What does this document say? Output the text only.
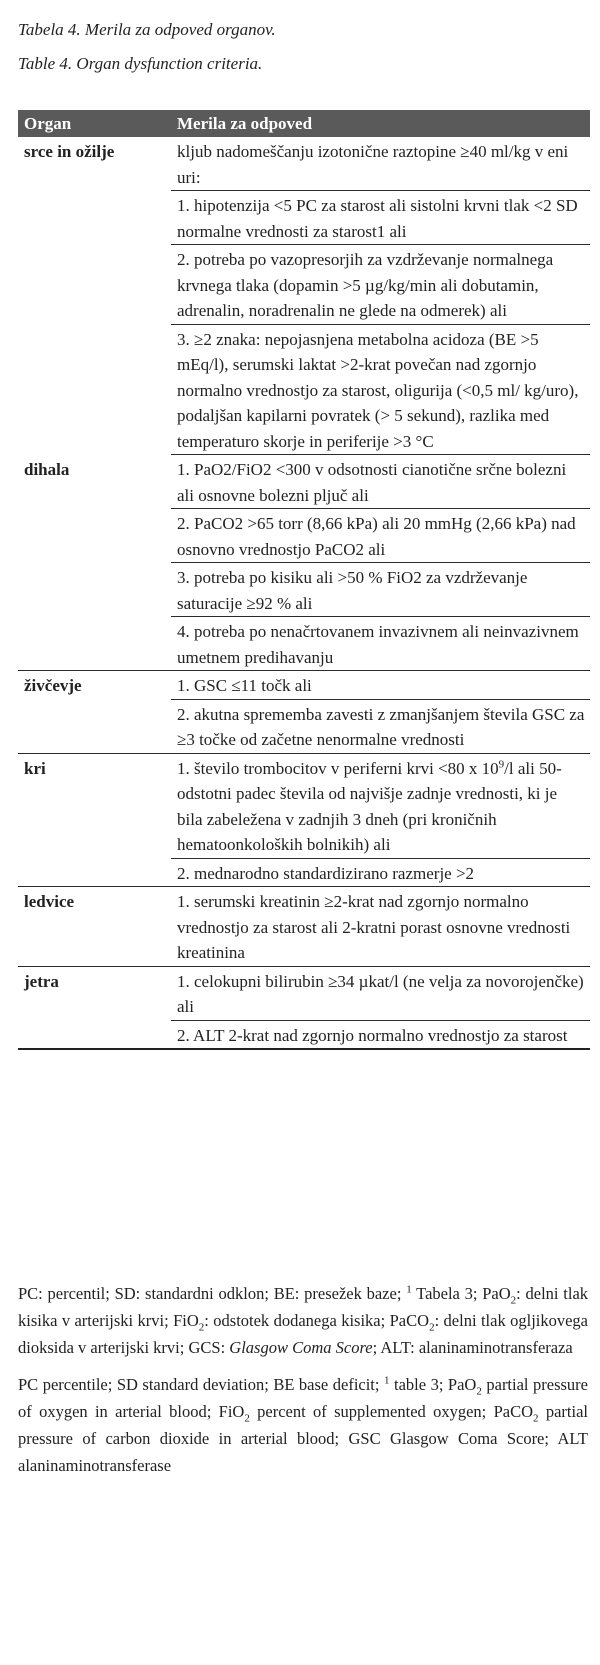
Tabela 4. Merila za odpoved organov.
Table 4. Organ dysfunction criteria.
Organ	Merila za odpoved
srce in ožilje	kljub nadomeščanju izotonične raztopine ≥40 ml/kg v eni uri:
	1. hipotenzija <5 PC za starost ali sistolni krvni tlak <2 SD normalne vrednosti za starost1 ali
	2. potreba po vazopresorjih za vzdrževanje normalnega krvnega tlaka (dopamin >5 µg/kg/min ali dobutamin, adrenalin, noradrenalin ne glede na odmerek) ali
	3. ≥2 znaka: nepojasnjena metabolna acidoza (BE >5 mEq/l), serumski laktat >2-krat povečan nad zgornjo normalno vrednostjo za starost, oligurija (<0,5 ml/ kg/uro), podaljšan kapilarni povratek (> 5 sekund), razlika med temperaturo skorje in periferije >3 °C
dihala	1. PaO2/FiO2 <300 v odsotnosti cianotične srčne bolezni ali osnovne bolezni pljuč ali
	2. PaCO2 >65 torr (8,66 kPa) ali 20 mmHg (2,66 kPa) nad osnovno vrednostjo PaCO2 ali
	3. potreba po kisiku ali >50 % FiO2 za vzdrževanje saturacije ≥92 % ali
	4. potreba po nenačrtovanem invazivnem ali neinvazivnem umetnem predihavanju
živčevje	1. GSC ≤11 točk ali
	2. akutna sprememba zavesti z zmanjšanjem števila GSC za ≥3 točke od začetne nenormalne vrednosti
kri	1. število trombocitov v periferni krvi <80 x $10^9/l$ ali 50-odstotni padec števila od najvišje zadnje vrednosti, ki je bila zabeležena v zadnjih 3 dneh (pri kroničnih hematoonkoloških bolnikih) ali
	2. mednarodno standardizirano razmerje >2
ledvice	1. serumski kreatinin ≥2-krat nad zgornjo normalno vrednostjo za starost ali 2-kratni porast osnovne vrednosti kreatinina
jetra	1. celokupni bilirubin ≥34 µkat/l (ne velja za novorojenčke) ali
	2. ALT 2-krat nad zgornjo normalno vrednostjo za starost

PC: percentil; SD: standardni odklon; BE: presežek baze; $^1$ Tabela 3; PaO$_2$: delni tlak kisika v arterijski krvi; FiO$_2$: odstotek dodanega kisika; PaCO$_2$: delni tlak ogljikovega dioksida v arterijski krvi; GCS: Glasgow Coma Score; ALT: alaninaminotransferaza

PC percentile; SD standard deviation; BE base deficit; $^1$ table 3; PaO$_2$ partial pressure of oxygen in arterial blood; FiO$_2$ percent of supplemented oxygen; PaCO$_2$ partial pressure of carbon dioxide in arterial blood; GSC Glasgow Coma Score; ALT alaninaminotransferase
